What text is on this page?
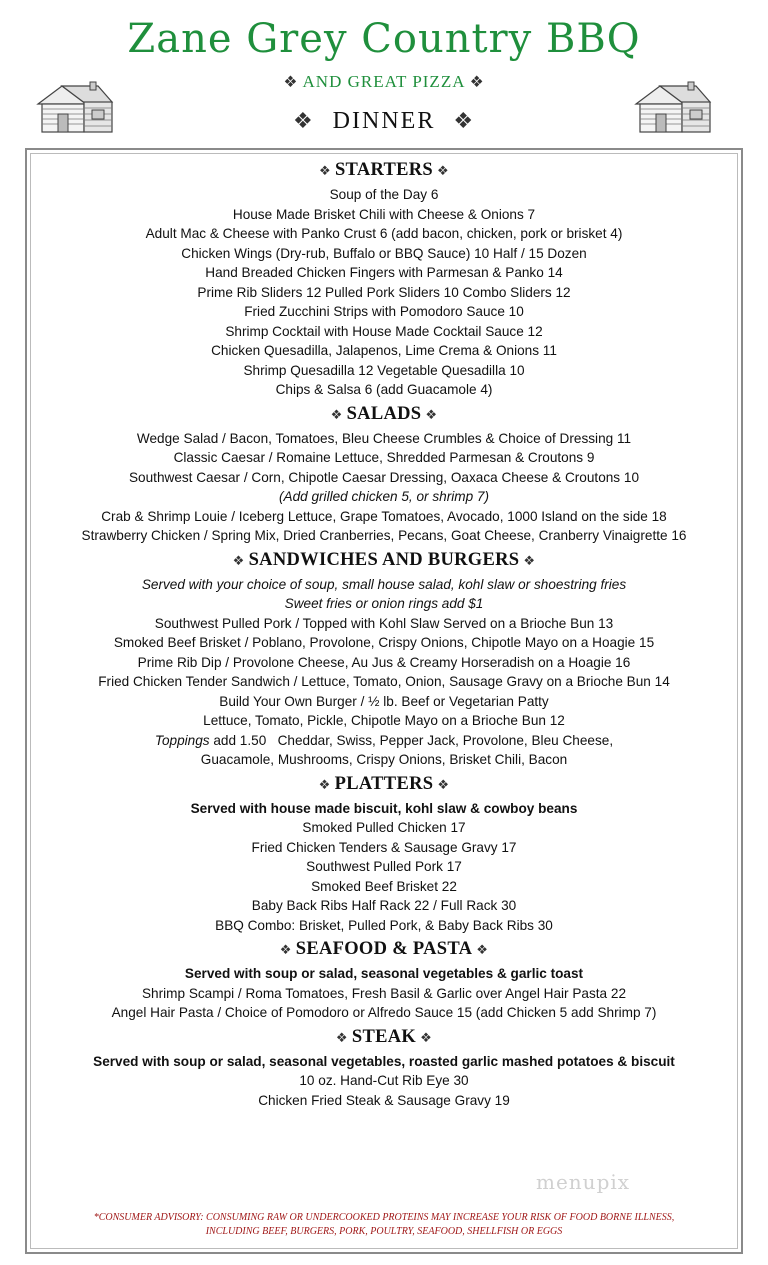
Zane Grey Country BBQ
❖ AND GREAT PIZZA ❖
❖ DINNER ❖
❖ STARTERS ❖
Soup of the Day 6
House Made Brisket Chili with Cheese & Onions 7
Adult Mac & Cheese with Panko Crust 6 (add bacon, chicken, pork or brisket 4)
Chicken Wings (Dry-rub, Buffalo or BBQ Sauce) 10 Half / 15 Dozen
Hand Breaded Chicken Fingers with Parmesan & Panko 14
Prime Rib Sliders 12 Pulled Pork Sliders 10 Combo Sliders 12
Fried Zucchini Strips with Pomodoro Sauce 10
Shrimp Cocktail with House Made Cocktail Sauce 12
Chicken Quesadilla, Jalapenos, Lime Crema & Onions 11
Shrimp Quesadilla 12 Vegetable Quesadilla 10
Chips & Salsa 6 (add Guacamole 4)
❖ SALADS ❖
Wedge Salad / Bacon, Tomatoes, Bleu Cheese Crumbles & Choice of Dressing 11
Classic Caesar / Romaine Lettuce, Shredded Parmesan & Croutons 9
Southwest Caesar / Corn, Chipotle Caesar Dressing, Oaxaca Cheese & Croutons 10
(Add grilled chicken 5, or shrimp 7)
Crab & Shrimp Louie / Iceberg Lettuce, Grape Tomatoes, Avocado, 1000 Island on the side 18
Strawberry Chicken / Spring Mix, Dried Cranberries, Pecans, Goat Cheese, Cranberry Vinaigrette 16
❖ SANDWICHES AND BURGERS ❖
Served with your choice of soup, small house salad, kohl slaw or shoestring fries
Sweet fries or onion rings add $1
Southwest Pulled Pork / Topped with Kohl Slaw Served on a Brioche Bun 13
Smoked Beef Brisket / Poblano, Provolone, Crispy Onions, Chipotle Mayo on a Hoagie 15
Prime Rib Dip / Provolone Cheese, Au Jus & Creamy Horseradish on a Hoagie 16
Fried Chicken Tender Sandwich / Lettuce, Tomato, Onion, Sausage Gravy on a Brioche Bun 14
Build Your Own Burger / ½ lb. Beef or Vegetarian Patty
Lettuce, Tomato, Pickle, Chipotle Mayo on a Brioche Bun 12
Toppings add 1.50   Cheddar, Swiss, Pepper Jack, Provolone, Bleu Cheese,
Guacamole, Mushrooms, Crispy Onions, Brisket Chili, Bacon
❖ PLATTERS ❖
Served with house made biscuit, kohl slaw & cowboy beans
Smoked Pulled Chicken 17
Fried Chicken Tenders & Sausage Gravy 17
Southwest Pulled Pork 17
Smoked Beef Brisket 22
Baby Back Ribs Half Rack 22 / Full Rack 30
BBQ Combo: Brisket, Pulled Pork, & Baby Back Ribs 30
❖ SEAFOOD & PASTA ❖
Served with soup or salad, seasonal vegetables & garlic toast
Shrimp Scampi / Roma Tomatoes, Fresh Basil & Garlic over Angel Hair Pasta 22
Angel Hair Pasta / Choice of Pomodoro or Alfredo Sauce 15 (add Chicken 5 add Shrimp 7)
❖ STEAK ❖
Served with soup or salad, seasonal vegetables, roasted garlic mashed potatoes & biscuit
10 oz. Hand-Cut Rib Eye 30
Chicken Fried Steak & Sausage Gravy 19
menupix
*CONSUMER ADVISORY: CONSUMING RAW OR UNDERCOOKED PROTEINS MAY INCREASE YOUR RISK OF FOOD BORNE ILLNESS,
INCLUDING BEEF, BURGERS, PORK, POULTRY, SEAFOOD, SHELLFISH OR EGGS
